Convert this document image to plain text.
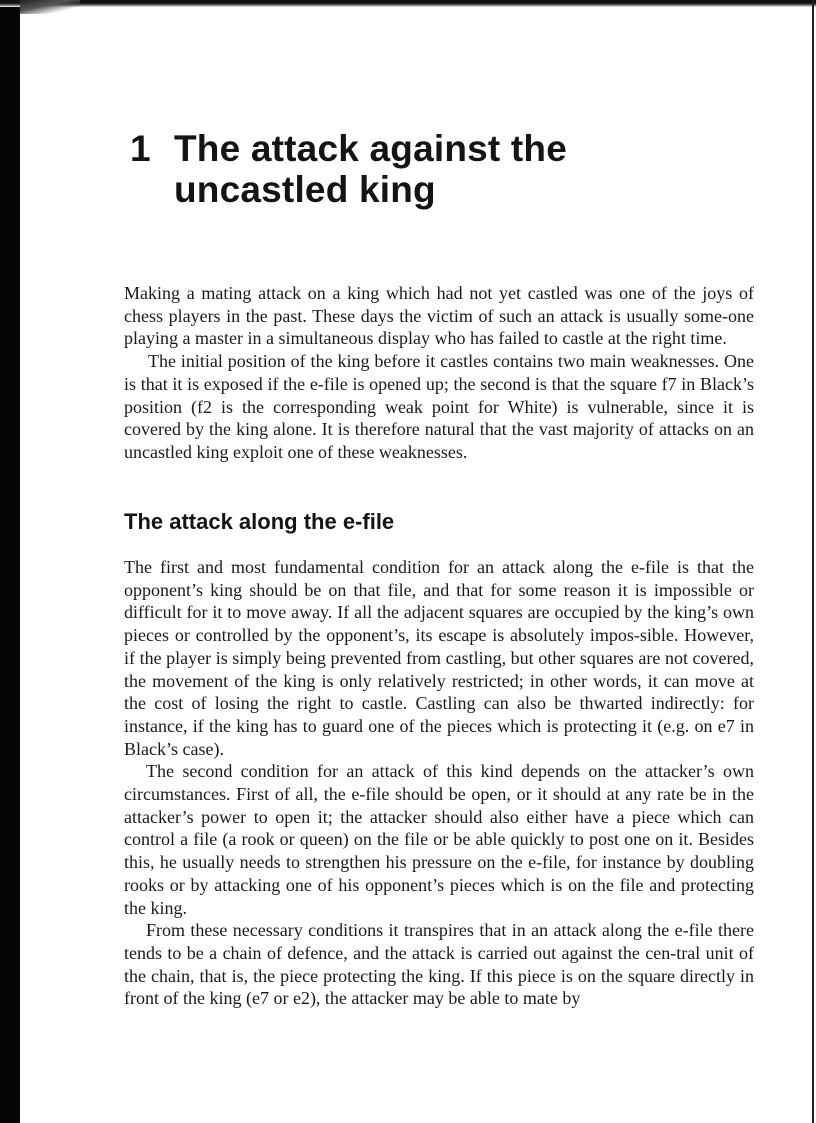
1 The attack against the
uncastled king

Making a mating attack on a king which had not yet castled was one of the joys of chess players in the past. These days the victim of such an attack is usually some-one playing a master in a simultaneous display who has failed to castle at the right time.

The initial position of the king before it castles contains two main weaknesses. One is that it is exposed if the e-file is opened up; the second is that the square f7 in Black’s position (f2 is the corresponding weak point for White) is vulnerable, since it is covered by the king alone. It is therefore natural that the vast majority of attacks on an uncastled king exploit one of these weaknesses.

The attack along the e-file

The first and most fundamental condition for an attack along the e-file is that the opponent’s king should be on that file, and that for some reason it is impossible or difficult for it to move away. If all the adjacent squares are occupied by the king’s own pieces or controlled by the opponent’s, its escape is absolutely impos-sible. However, if the player is simply being prevented from castling, but other squares are not covered, the movement of the king is only relatively restricted; in other words, it can move at the cost of losing the right to castle. Castling can also be thwarted indirectly: for instance, if the king has to guard one of the pieces which is protecting it (e.g. on e7 in Black’s case).

The second condition for an attack of this kind depends on the attacker’s own circumstances. First of all, the e-file should be open, or it should at any rate be in the attacker’s power to open it; the attacker should also either have a piece which can control a file (a rook or queen) on the file or be able quickly to post one on it. Besides this, he usually needs to strengthen his pressure on the e-file, for instance by doubling rooks or by attacking one of his opponent’s pieces which is on the file and protecting the king.

From these necessary conditions it transpires that in an attack along the e-file there tends to be a chain of defence, and the attack is carried out against the cen-tral unit of the chain, that is, the piece protecting the king. If this piece is on the square directly in front of the king (e7 or e2), the attacker may be able to mate by
